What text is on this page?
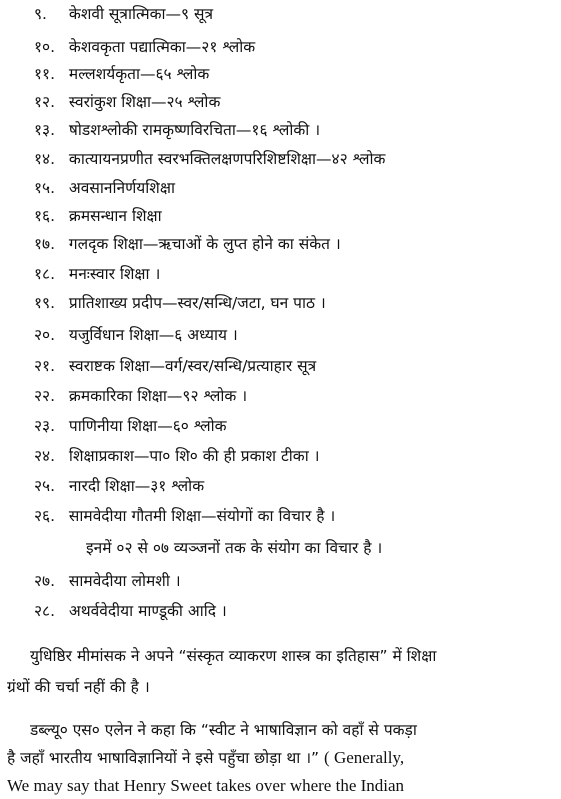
९. केशवी सूत्रात्मिका—९ सूत्र
१०. केशवकृता पद्यात्मिका—२१ श्लोक
११. मल्लशर्यकृता—६५ श्लोक
१२. स्वरांकुश शिक्षा—२५ श्लोक
१३. षोडशश्लोकी रामकृष्णविरचिता—१६ श्लोकी ।
१४. कात्यायनप्रणीत स्वरभक्तिलक्षणपरिशिष्टशिक्षा—४२ श्लोक
१५. अवसाननिर्णयशिक्षा
१६. क्रमसन्धान शिक्षा
१७. गलदृक शिक्षा—ऋचाओं के लुप्त होने का संकेत ।
१८. मनःस्वार शिक्षा ।
१९. प्रातिशाख्य प्रदीप—स्वर/सन्धि/जटा, घन पाठ ।
२०. यजुर्विधान शिक्षा—६ अध्याय ।
२१. स्वराष्टक शिक्षा—वर्ग/स्वर/सन्धि/प्रत्याहार सूत्र
२२. क्रमकारिका शिक्षा—९२ श्लोक ।
२३. पाणिनीया शिक्षा—६० श्लोक
२४. शिक्षाप्रकाश—पा० शि० की ही प्रकाश टीका ।
२५. नारदी शिक्षा—३१ श्लोक
२६. सामवेदीया गौतमी शिक्षा—संयोगों का विचार है ।
इनमें ०२ से ०७ व्यञ्जनों तक के संयोग का विचार है ।
२७. सामवेदीया लोमशी ।
२८. अथर्ववेदीया माण्डूकी आदि ।
युधिष्ठिर मीमांसक ने अपने “संस्कृत व्याकरण शास्त्र का इतिहास” में शिक्षा
ग्रंथों की चर्चा नहीं की है ।
डब्ल्यू० एस० एलेन ने कहा कि “स्वीट ने भाषाविज्ञान को वहाँ से पकड़ा
है जहाँ भारतीय भाषाविज्ञानियों ने इसे पहुँचा छोड़ा था ।” ( Generally,
We may say that Henry Sweet takes over where the Indian
